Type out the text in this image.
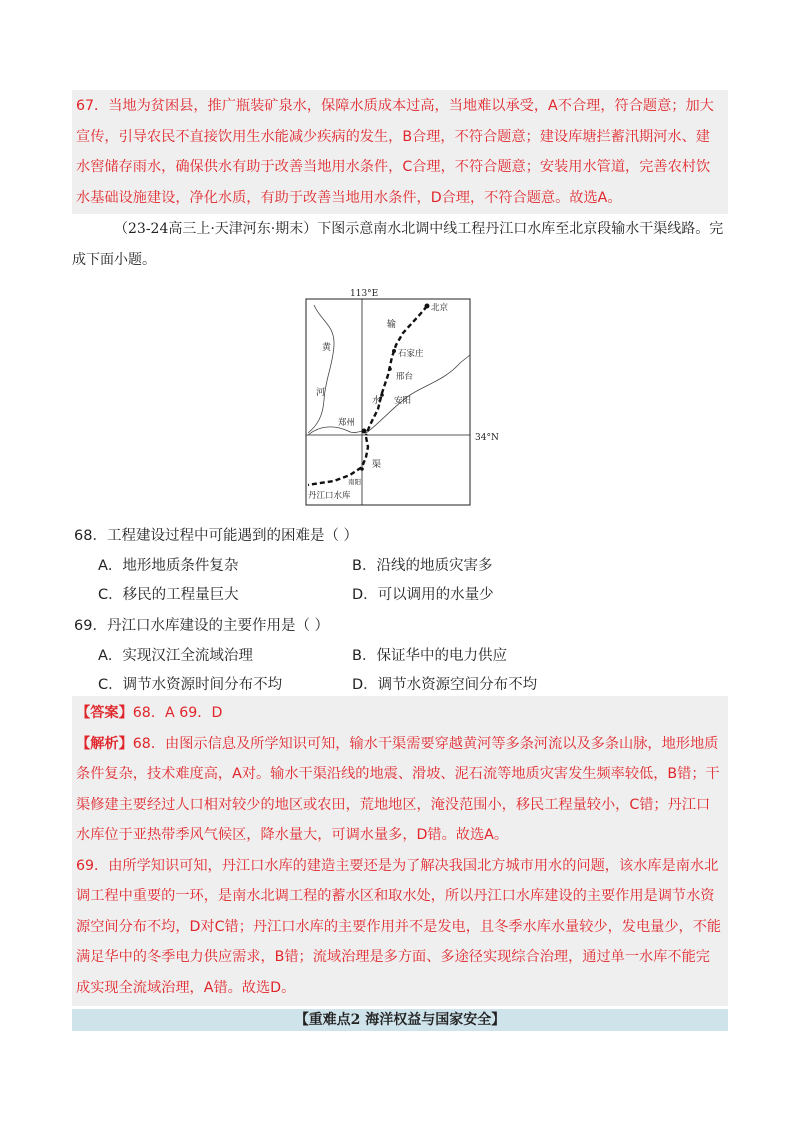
67．当地为贫困县，推广瓶装矿泉水，保障水质成本过高，当地难以承受，A不合理，符合题意；加大宣传，引导农民不直接饮用生水能减少疾病的发生，B合理，不符合题意；建设库塘拦蓄汛期河水、建水窖储存雨水，确保供水有助于改善当地用水条件，C合理，不符合题意；安装用水管道，完善农村饮水基础设施建设，净化水质，有助于改善当地用水条件，D合理，不符合题意。故选A。
（23-24高三上·天津河东·期末）下图示意南水北调中线工程丹江口水库至北京段输水干渠线路。完成下面小题。
113°E
34°N
北京
石家庄
邢台
安阳
郑州
南阳
丹江口水库
黄
河
输
水
渠
68．工程建设过程中可能遇到的困难是（ ）
A．地形地质条件复杂	B．沿线的地质灾害多
C．移民的工程量巨大	D．可以调用的水量少
69．丹江口水库建设的主要作用是（ ）
A．实现汉江全流域治理	B．保证华中的电力供应
C．调节水资源时间分布不均	D．调节水资源空间分布不均
【答案】68．A 69．D
【解析】68．由图示信息及所学知识可知，输水干渠需要穿越黄河等多条河流以及多条山脉，地形地质条件复杂，技术难度高，A对。输水干渠沿线的地震、滑坡、泥石流等地质灾害发生频率较低，B错；干渠修建主要经过人口相对较少的地区或农田，荒地地区，淹没范围小，移民工程量较小，C错；丹江口水库位于亚热带季风气候区，降水量大，可调水量多，D错。故选A。
69．由所学知识可知，丹江口水库的建造主要还是为了解决我国北方城市用水的问题，该水库是南水北调工程中重要的一环，是南水北调工程的蓄水区和取水处，所以丹江口水库建设的主要作用是调节水资源空间分布不均，D对C错；丹江口水库的主要作用并不是发电，且冬季水库水量较少，发电量少，不能满足华中的冬季电力供应需求，B错；流域治理是多方面、多途径实现综合治理，通过单一水库不能完成实现全流域治理，A错。故选D。
【重难点2 海洋权益与国家安全】
